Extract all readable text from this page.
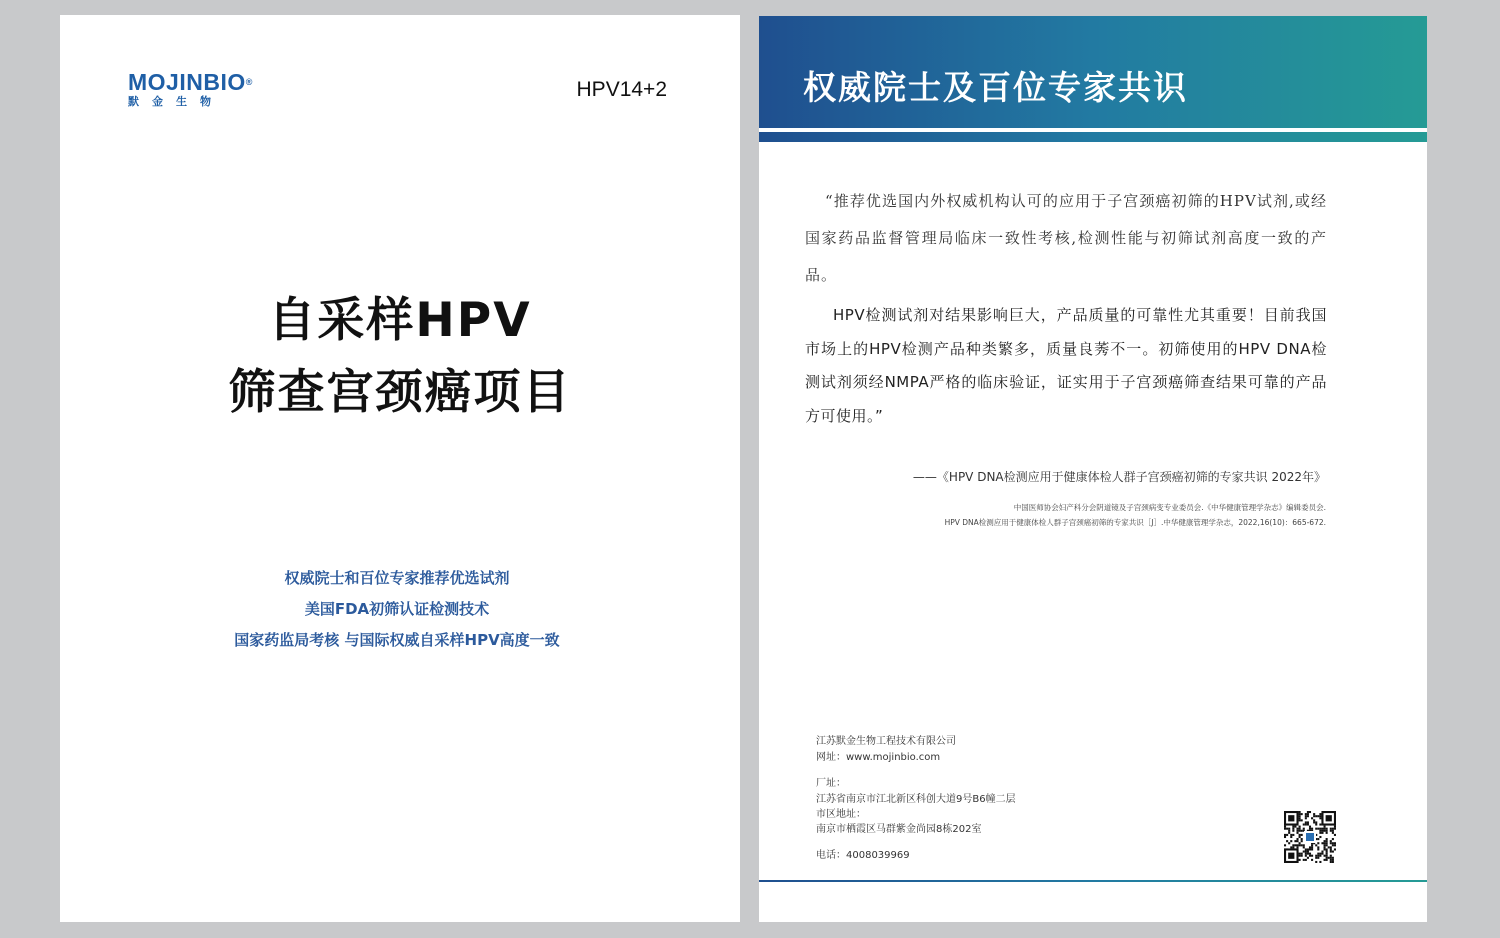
MOJINBIO®
默金生物
HPV14+2
自采样HPV
筛查宫颈癌项目
权威院士和百位专家推荐优选试剂
美国FDA初筛认证检测技术
国家药监局考核 与国际权威自采样HPV高度一致
权威院士及百位专家共识
“推荐优选国内外权威机构认可的应用于子宫颈癌初筛的HPV试剂,或经国家药品监督管理局临床一致性考核,检测性能与初筛试剂高度一致的产品。
HPV检测试剂对结果影响巨大，产品质量的可靠性尤其重要！目前我国市场上的HPV检测产品种类繁多，质量良莠不一。初筛使用的HPV DNA检测试剂须经NMPA严格的临床验证，证实用于子宫颈癌筛查结果可靠的产品方可使用。”
——《HPV DNA检测应用于健康体检人群子宫颈癌初筛的专家共识 2022年》
中国医师协会妇产科分会阴道镜及子宫颈病变专业委员会.《中华健康管理学杂志》编辑委员会.
HPV DNA检测应用于健康体检人群子宫颈癌初筛的专家共识［J］.中华健康管理学杂志，2022,16(10)：665-672.
江苏默金生物工程技术有限公司
网址：www.mojinbio.com
厂址：
江苏省南京市江北新区科创大道9号B6幢二层
市区地址：
南京市栖霞区马群紫金尚园8栋202室
电话：4008039969
